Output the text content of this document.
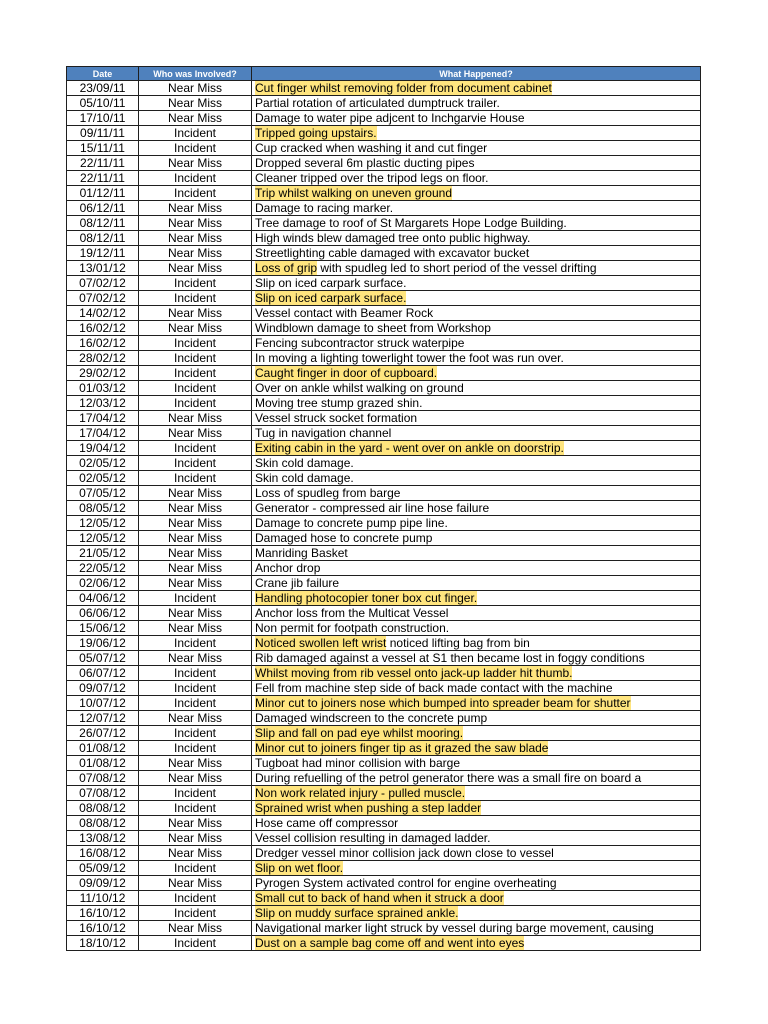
Date	Who was Involved?	What Happened?
23/09/11	Near Miss	Cut finger whilst removing folder from document cabinet
05/10/11	Near Miss	Partial rotation of articulated dumptruck trailer.
17/10/11	Near Miss	Damage to water pipe adjcent to Inchgarvie House
09/11/11	Incident	Tripped going upstairs.
15/11/11	Incident	Cup cracked when washing it and cut finger
22/11/11	Near Miss	Dropped several 6m plastic ducting pipes
22/11/11	Incident	Cleaner tripped over the tripod legs on floor.
01/12/11	Incident	Trip whilst walking on uneven ground
06/12/11	Near Miss	Damage to racing marker.
08/12/11	Near Miss	Tree damage to roof of St Margarets Hope Lodge Building.
08/12/11	Near Miss	High winds blew damaged tree onto public highway.
19/12/11	Near Miss	Streetlighting cable damaged with excavator bucket
13/01/12	Near Miss	Loss of grip with spudleg led to short period of the vessel drifting
07/02/12	Incident	Slip on iced carpark surface.
07/02/12	Incident	Slip on iced carpark surface.
14/02/12	Near Miss	Vessel contact with Beamer Rock
16/02/12	Near Miss	Windblown damage to sheet from Workshop
16/02/12	Incident	Fencing subcontractor struck waterpipe
28/02/12	Incident	In moving a lighting towerlight tower the foot was run over.
29/02/12	Incident	Caught finger in door of cupboard.
01/03/12	Incident	Over on ankle whilst walking on ground
12/03/12	Incident	Moving tree stump grazed shin.
17/04/12	Near Miss	Vessel struck socket formation
17/04/12	Near Miss	Tug in navigation channel
19/04/12	Incident	Exiting cabin in the yard - went over on ankle on doorstrip.
02/05/12	Incident	Skin cold damage.
02/05/12	Incident	Skin cold damage.
07/05/12	Near Miss	Loss of spudleg from barge
08/05/12	Near Miss	Generator - compressed air line hose failure
12/05/12	Near Miss	Damage to concrete pump pipe line.
12/05/12	Near Miss	Damaged hose to concrete pump
21/05/12	Near Miss	Manriding Basket
22/05/12	Near Miss	Anchor drop
02/06/12	Near Miss	Crane jib failure
04/06/12	Incident	Handling photocopier toner box cut finger.
06/06/12	Near Miss	Anchor loss from the Multicat Vessel
15/06/12	Near Miss	Non permit for footpath construction.
19/06/12	Incident	Noticed swollen left wrist noticed lifting bag from bin
05/07/12	Near Miss	Rib damaged against a vessel at S1 then became lost in foggy conditions
06/07/12	Incident	Whilst moving from rib vessel onto jack-up ladder hit thumb.
09/07/12	Incident	Fell from machine step side of back made contact with the machine
10/07/12	Incident	Minor cut to joiners nose which bumped into spreader beam for shutter
12/07/12	Near Miss	Damaged windscreen to the concrete pump
26/07/12	Incident	Slip and fall on pad eye whilst mooring.
01/08/12	Incident	Minor cut to joiners finger tip as it grazed the saw blade
01/08/12	Near Miss	Tugboat had minor collision with barge
07/08/12	Near Miss	During refuelling of the petrol generator there was a small fire on board a
07/08/12	Incident	Non work related injury - pulled muscle.
08/08/12	Incident	Sprained wrist when pushing a step ladder
08/08/12	Near Miss	Hose came off compressor
13/08/12	Near Miss	Vessel collision resulting in damaged ladder.
16/08/12	Near Miss	Dredger vessel minor collision jack down close to vessel
05/09/12	Incident	Slip on wet floor.
09/09/12	Near Miss	Pyrogen System activated control for engine overheating
11/10/12	Incident	Small cut to back of hand when it struck a door
16/10/12	Incident	Slip on muddy surface sprained ankle.
16/10/12	Near Miss	Navigational marker light struck by vessel during barge movement, causing
18/10/12	Incident	Dust on a sample bag come off and went into eyes
